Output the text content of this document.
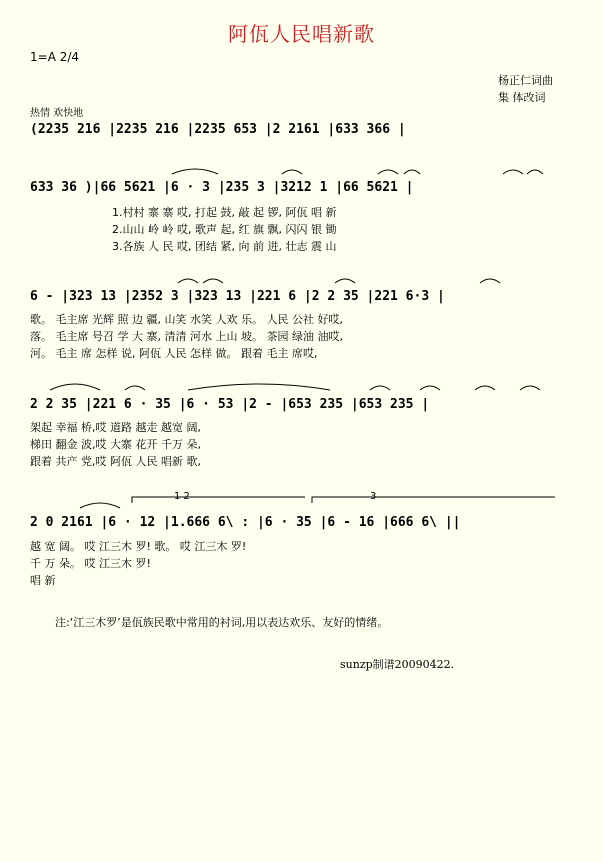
阿佤人民唱新歌
1=A 2/4
杨正仁词曲
集 体改词
热情 欢快地
(2235 216 |2235 216 |2235 653 |2 2161 |633 366 |
633 36 )|66 5621 |6 · 3 |235 3 |3212 1 |66 5621 |
1.村村 寨 寨 哎, 打起 鼓, 敲 起 锣, 阿佤 唱 新
2.山山 岭 岭 哎, 歌声 起, 红 旗 飘, 闪闪 银 锄
3.各族 人 民 哎, 团结 紧, 向 前 进, 壮志 震 山
6 - |323 13 |2352 3 |323 13 |221 6 |2 2 35 |221 6·3 |
歌。 毛主席 光辉 照 边 疆, 山笑 水笑 人欢 乐。 人民 公社 好哎,
落。 毛主席 号召 学 大 寨, 清清 河水 上山 坡。 茶园 绿油 油哎,
河。 毛主 席 怎样 说, 阿佤 人民 怎样 做。 跟着 毛主 席哎,
2 2 35 |221 6 · 35 |6 · 53 |2 - |653 235 |653 235 |
架起 幸福 桥,哎 道路 越走 越宽 阔,
梯田 翻金 波,哎 大寨 花开 千万 朵,
跟着 共产 党,哎 阿佤 人民 唱新 歌,
1 2	3
2 0 2161 |6 · 12 |1.666 6\ : |6 · 35 |6 - 16 |666 6\ ||
越 宽 阔。 哎 江三木 罗! 歌。 哎 江三木 罗!
千 万 朵。 哎 江三木 罗!
唱 新
注:‘江三木罗’是佤族民歌中常用的衬词,用以表达欢乐、友好的情绪。
sunzp制谱20090422.
